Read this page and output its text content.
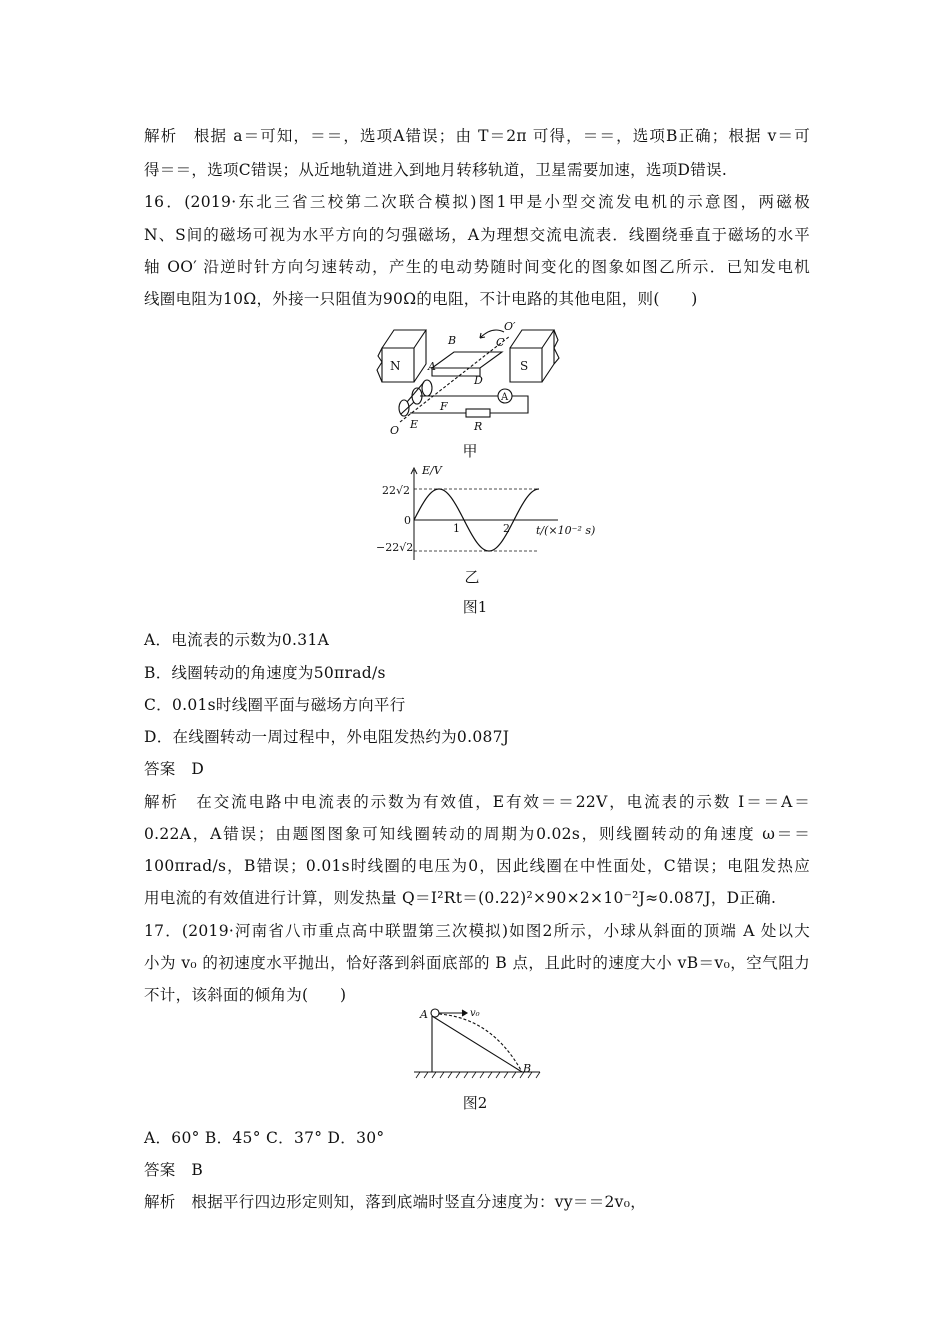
解析　根据 a＝可知，＝＝，选项A错误；由 T＝2π 可得，＝＝，选项B正确；根据 v＝可
得＝＝，选项C错误；从近地轨道进入到地月转移轨道，卫星需要加速，选项D错误.
16．(2019·东北三省三校第二次联合模拟)图1甲是小型交流发电机的示意图，两磁极
N、S间的磁场可视为水平方向的匀强磁场，A为理想交流电流表．线圈绕垂直于磁场的水平
轴 OO′ 沿逆时针方向匀速转动，产生的电动势随时间变化的图象如图乙所示．已知发电机
线圈电阻为10Ω，外接一只阻值为90Ω的电阻，不计电路的其他电阻，则(　　)
N	S
A
B	C
O′
A
D
F
E	R
O
甲
E/V
t/(×10⁻² s)
22√2
0
−22√2
1	2
乙
图1
A．电流表的示数为0.31A
B．线圈转动的角速度为50πrad/s
C．0.01s时线圈平面与磁场方向平行
D．在线圈转动一周过程中，外电阻发热约为0.087J
答案　D
解析　在交流电路中电流表的示数为有效值，E有效＝＝22V，电流表的示数 I＝＝A＝
0.22A，A错误；由题图图象可知线圈转动的周期为0.02s，则线圈转动的角速度 ω＝＝
100πrad/s，B错误；0.01s时线圈的电压为0，因此线圈在中性面处，C错误；电阻发热应
用电流的有效值进行计算，则发热量 Q＝I²Rt＝(0.22)²×90×2×10⁻²J≈0.087J，D正确.
17．(2019·河南省八市重点高中联盟第三次模拟)如图2所示，小球从斜面的顶端 A 处以大
小为 v₀ 的初速度水平抛出，恰好落到斜面底部的 B 点，且此时的速度大小 vB＝v₀，空气阻力
不计，该斜面的倾角为(　　)
A	v₀
B
图2
A．60° B．45° C．37° D．30°
答案　B
解析　根据平行四边形定则知，落到底端时竖直分速度为：vy＝＝2v₀，
